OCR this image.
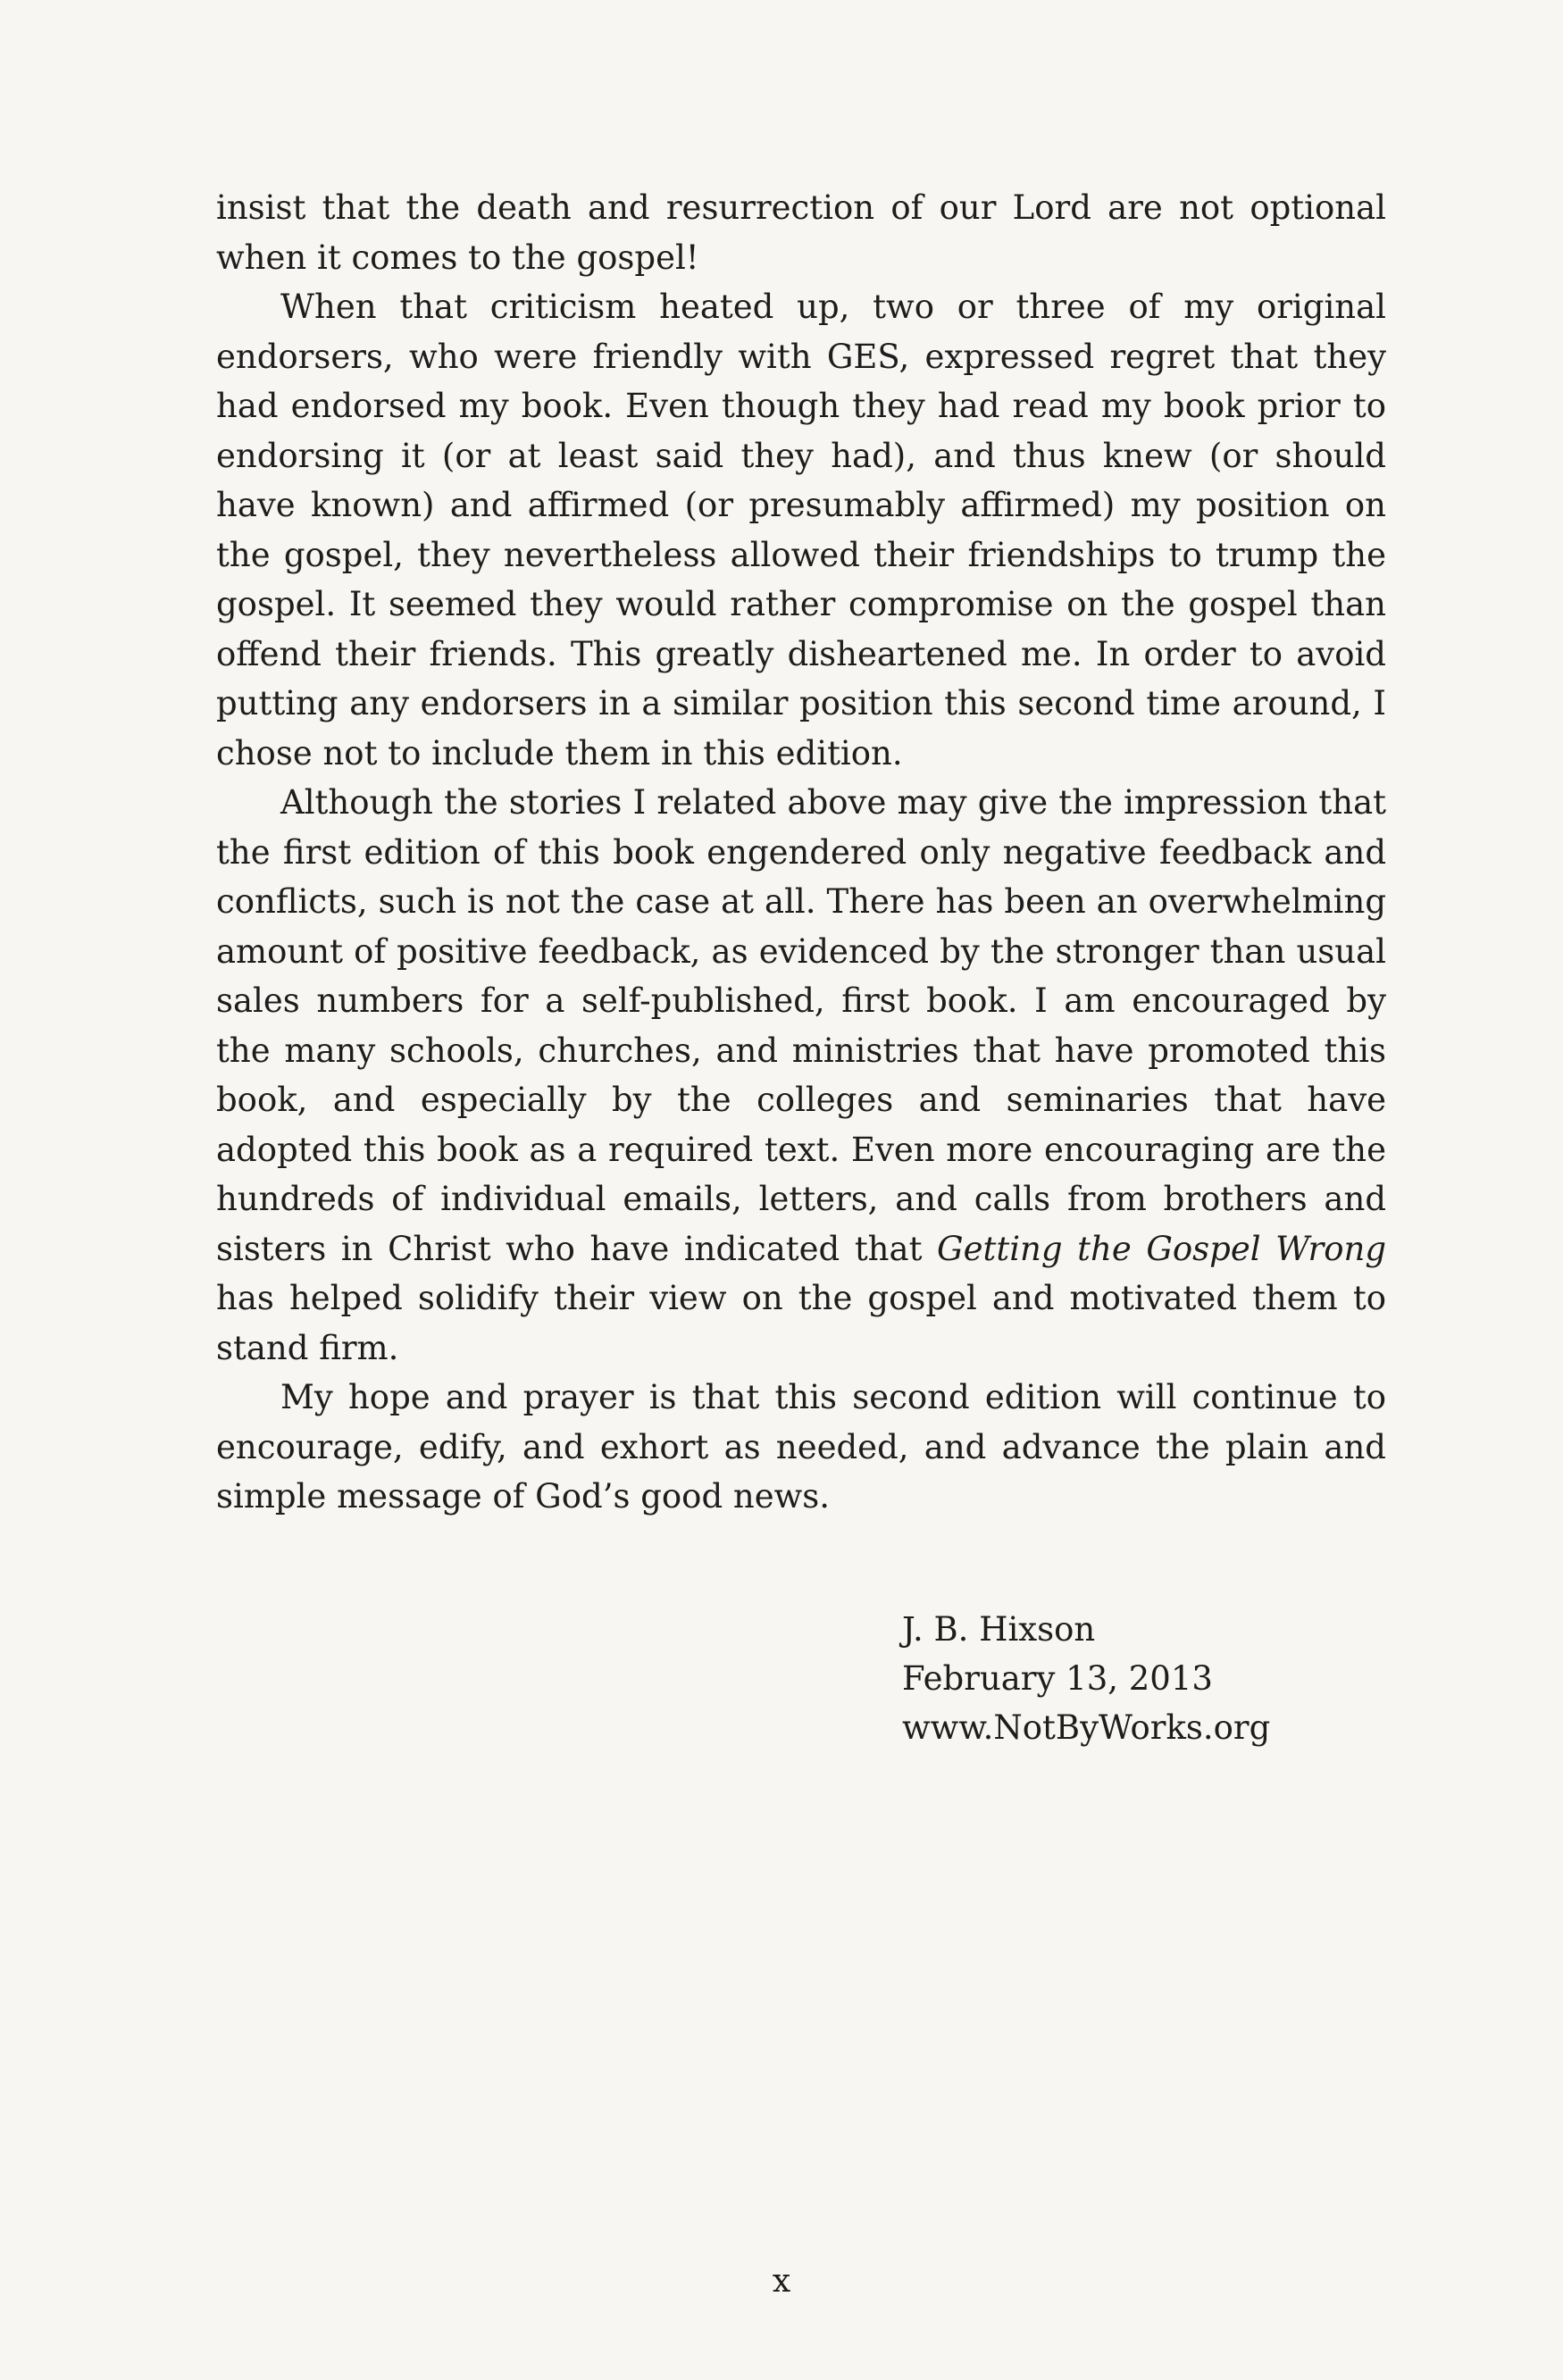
insist that the death and resurrection of our Lord are not optional when it comes to the gospel!

When that criticism heated up, two or three of my original endorsers, who were friendly with GES, expressed regret that they had endorsed my book. Even though they had read my book prior to endorsing it (or at least said they had), and thus knew (or should have known) and affirmed (or presumably affirmed) my position on the gospel, they nevertheless allowed their friendships to trump the gospel. It seemed they would rather compromise on the gospel than offend their friends. This greatly disheartened me. In order to avoid putting any endorsers in a similar position this second time around, I chose not to include them in this edition.

Although the stories I related above may give the impression that the first edition of this book engendered only negative feedback and conflicts, such is not the case at all. There has been an overwhelming amount of positive feedback, as evidenced by the stronger than usual sales numbers for a self-published, first book. I am encouraged by the many schools, churches, and ministries that have promoted this book, and especially by the colleges and seminaries that have adopted this book as a required text. Even more encouraging are the hundreds of individual emails, letters, and calls from brothers and sisters in Christ who have indicated that Getting the Gospel Wrong has helped solidify their view on the gospel and motivated them to stand firm.

My hope and prayer is that this second edition will continue to encourage, edify, and exhort as needed, and advance the plain and simple message of God’s good news.

J. B. Hixson
February 13, 2013
www.NotByWorks.org
x
